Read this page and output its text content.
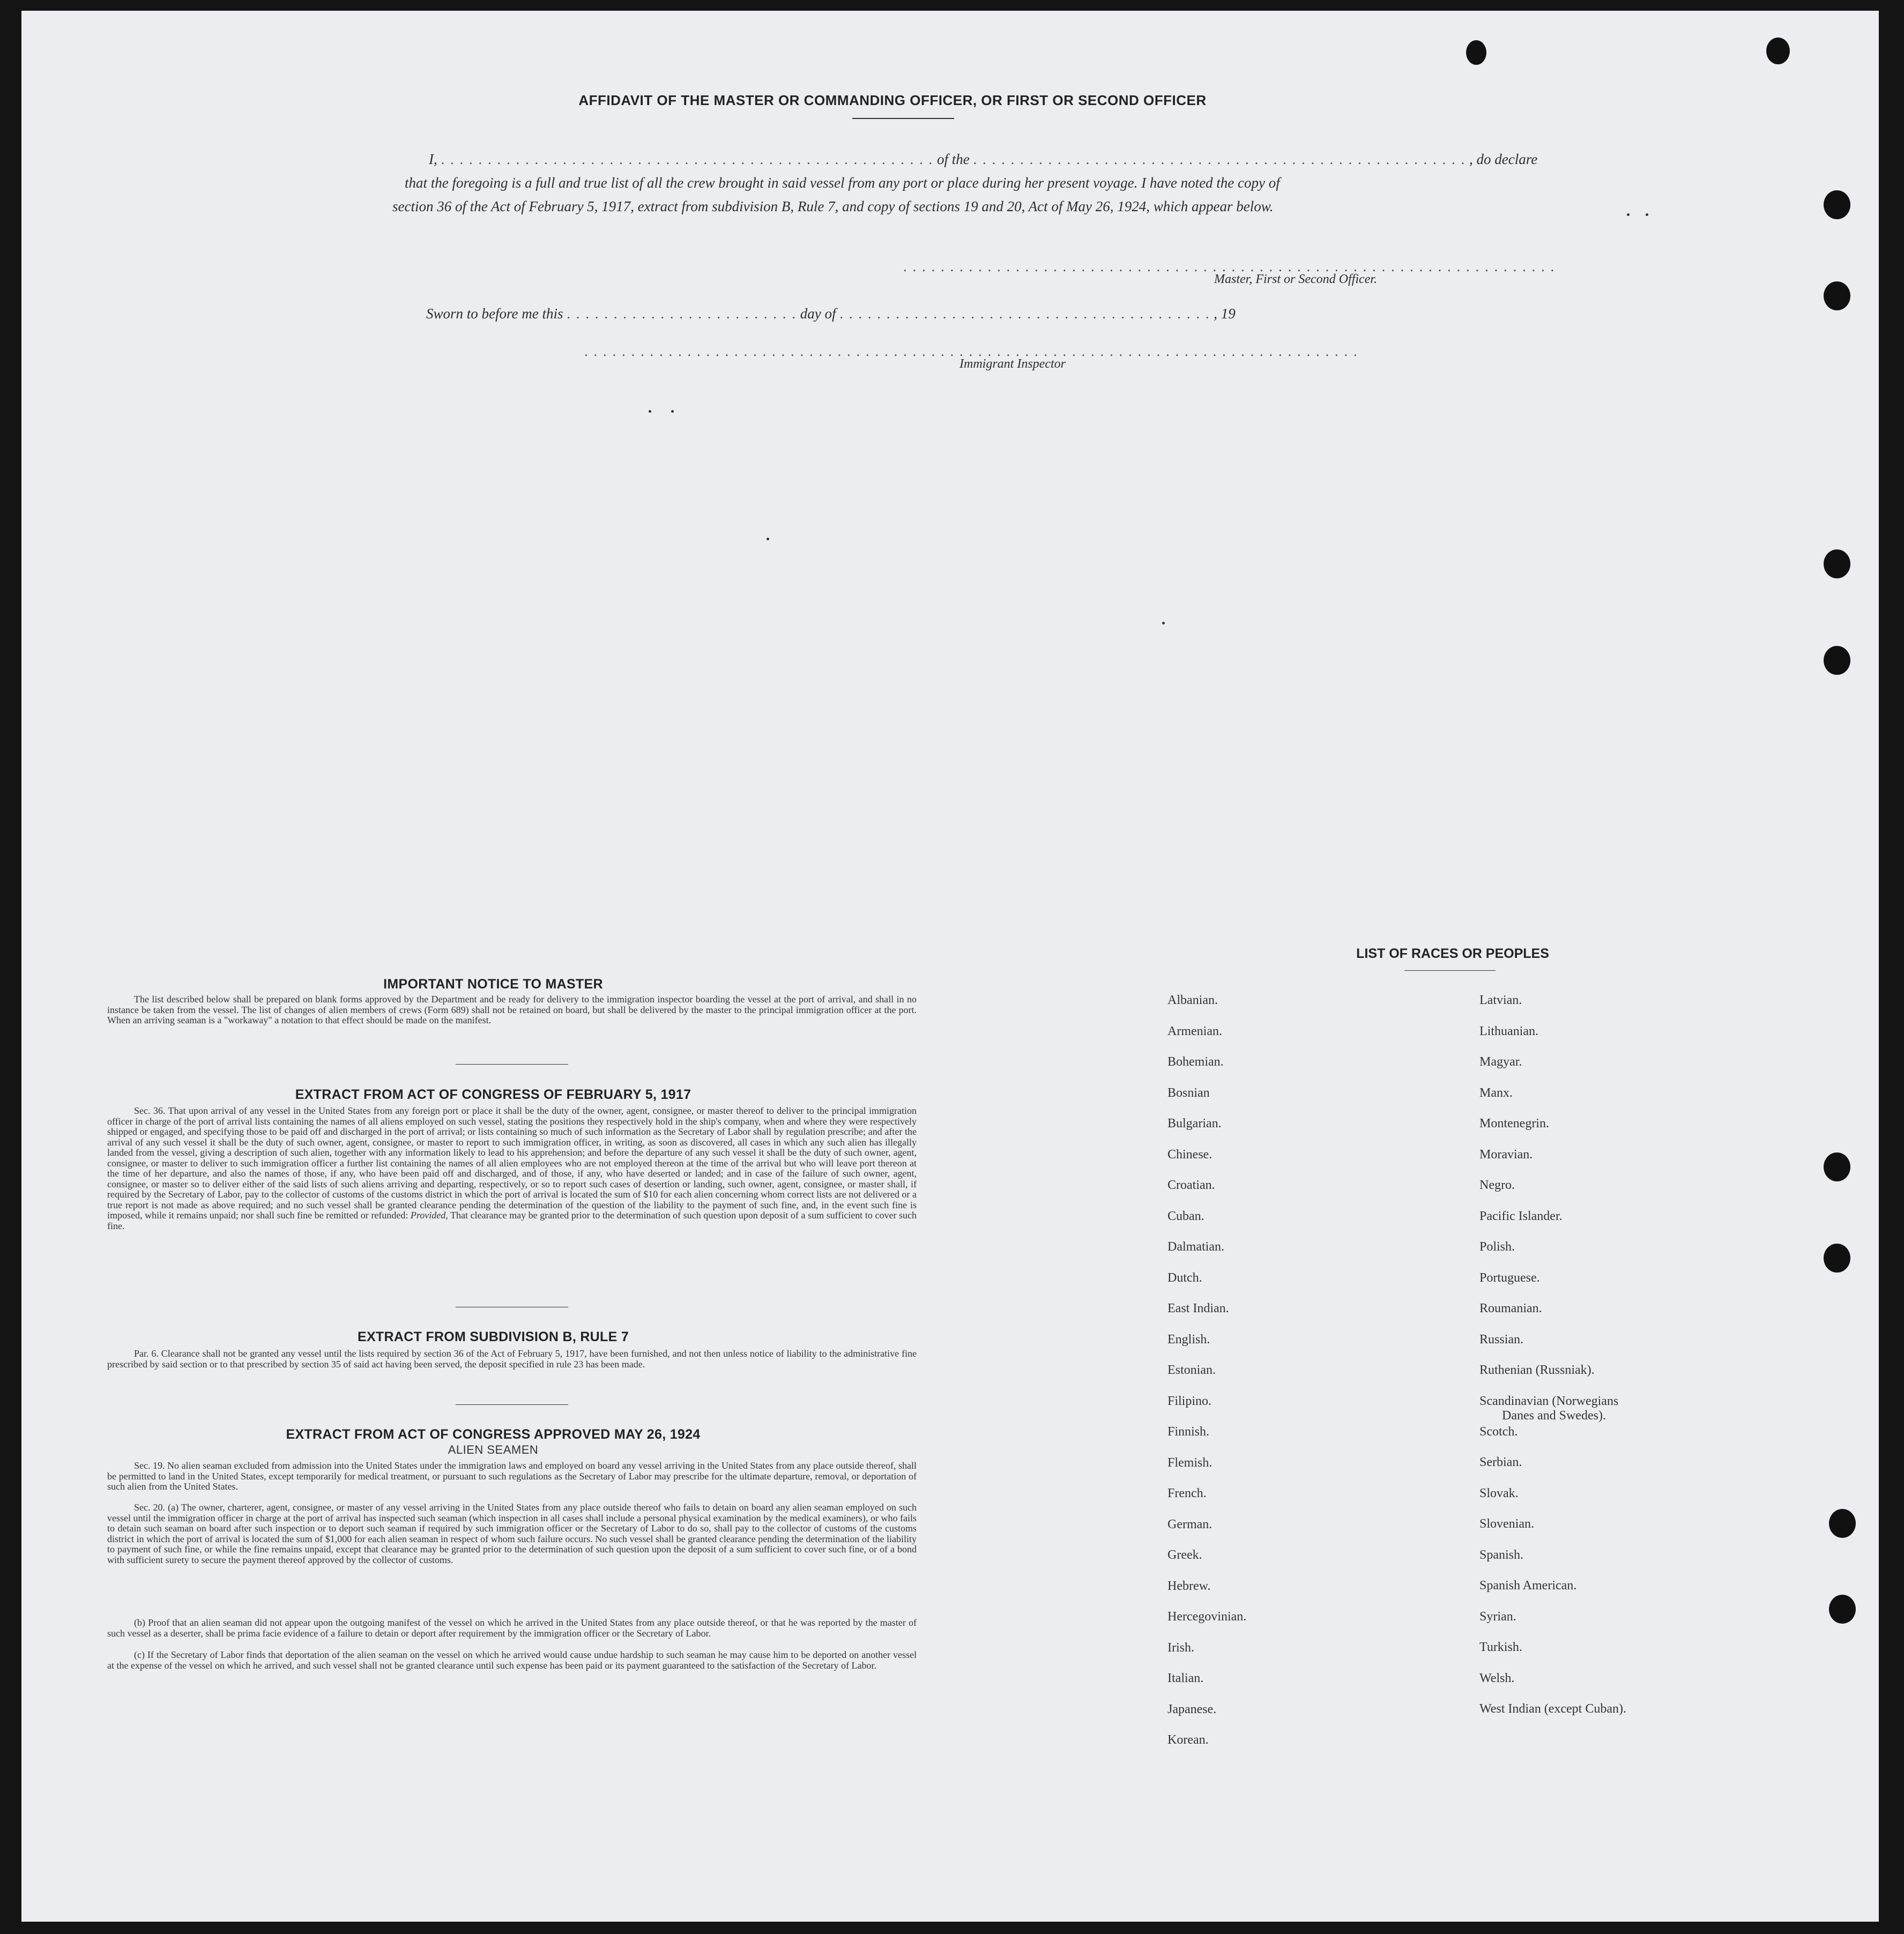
AFFIDAVIT OF THE MASTER OR COMMANDING OFFICER, OR FIRST OR SECOND OFFICER
I, . . . . . . . . . . . . . . . . . . . . . . . . . . . . . . . . . . . . . . . . . . . . . . . . . . . . . of the . . . . . . . . . . . . . . . . . . . . . . . . . . . . . . . . . . . . . . . . . . . . . . . . . . . . . , do declare
that the foregoing is a full and true list of all the crew brought in said vessel from any port or place during her present voyage. I have noted the copy of
section 36 of the Act of February 5, 1917, extract from subdivision B, Rule 7, and copy of sections 19 and 20, Act of May 26, 1924, which appear below.
. . . . . . . . . . . . . . . . . . . . . . . . . . . . . . . . . . . . . . . . . . . . . . . . . . . . . . . . . . . . . . . . . . . . . .
Master, First or Second Officer.
Sworn to before me this . . . . . . . . . . . . . . . . . . . . . . . . . day of . . . . . . . . . . . . . . . . . . . . . . . . . . . . . . . . . . . . . . . . , 19
. . . . . . . . . . . . . . . . . . . . . . . . . . . . . . . . . . . . . . . . . . . . . . . . . . . . . . . . . . . . . . . . . . . . . . . . . . . . . . . . . . .
Immigrant Inspector
IMPORTANT NOTICE TO MASTER

The list described below shall be prepared on blank forms approved by the Department and be ready for delivery to the immigration inspector boarding the vessel at the port of arrival, and shall in no instance be taken from the vessel. The list of changes of alien members of crews (Form 689) shall not be retained on board, but shall be delivered by the master to the principal immigration officer at the port. When an arriving seaman is a "workaway" a notation to that effect should be made on the manifest.

EXTRACT FROM ACT OF CONGRESS OF FEBRUARY 5, 1917

Sec. 36. That upon arrival of any vessel in the United States from any foreign port or place it shall be the duty of the owner, agent, consignee, or master thereof to deliver to the principal immigration officer in charge of the port of arrival lists containing the names of all aliens employed on such vessel, stating the positions they respectively hold in the ship's company, when and where they were respectively shipped or engaged, and specifying those to be paid off and discharged in the port of arrival; or lists containing so much of such information as the Secretary of Labor shall by regulation prescribe; and after the arrival of any such vessel it shall be the duty of such owner, agent, consignee, or master to report to such immigration officer, in writing, as soon as discovered, all cases in which any such alien has illegally landed from the vessel, giving a description of such alien, together with any information likely to lead to his apprehension; and before the departure of any such vessel it shall be the duty of such owner, agent, consignee, or master to deliver to such immigration officer a further list containing the names of all alien employees who are not employed thereon at the time of the arrival but who will leave port thereon at the time of her departure, and also the names of those, if any, who have been paid off and discharged, and of those, if any, who have deserted or landed; and in case of the failure of such owner, agent, consignee, or master so to deliver either of the said lists of such aliens arriving and departing, respectively, or so to report such cases of desertion or landing, such owner, agent, consignee, or master shall, if required by the Secretary of Labor, pay to the collector of customs of the customs district in which the port of arrival is located the sum of $10 for each alien concerning whom correct lists are not delivered or a true report is not made as above required; and no such vessel shall be granted clearance pending the determination of the question of the liability to the payment of such fine, and, in the event such fine is imposed, while it remains unpaid; nor shall such fine be remitted or refunded: Provided, That clearance may be granted prior to the determination of such question upon deposit of a sum sufficient to cover such fine.

EXTRACT FROM SUBDIVISION B, RULE 7

Par. 6. Clearance shall not be granted any vessel until the lists required by section 36 of the Act of February 5, 1917, have been furnished, and not then unless notice of liability to the administrative fine prescribed by said section or to that prescribed by section 35 of said act having been served, the deposit specified in rule 23 has been made.

EXTRACT FROM ACT OF CONGRESS APPROVED MAY 26, 1924
ALIEN SEAMEN

Sec. 19. No alien seaman excluded from admission into the United States under the immigration laws and employed on board any vessel arriving in the United States from any place outside thereof, shall be permitted to land in the United States, except temporarily for medical treatment, or pursuant to such regulations as the Secretary of Labor may prescribe for the ultimate departure, removal, or deportation of such alien from the United States.

Sec. 20. (a) The owner, charterer, agent, consignee, or master of any vessel arriving in the United States from any place outside thereof who fails to detain on board any alien seaman employed on such vessel until the immigration officer in charge at the port of arrival has inspected such seaman (which inspection in all cases shall include a personal physical examination by the medical examiners), or who fails to detain such seaman on board after such inspection or to deport such seaman if required by such immigration officer or the Secretary of Labor to do so, shall pay to the collector of customs of the customs district in which the port of arrival is located the sum of $1,000 for each alien seaman in respect of whom such failure occurs. No such vessel shall be granted clearance pending the determination of the liability to payment of such fine, or while the fine remains unpaid, except that clearance may be granted prior to the determination of such question upon the deposit of a sum sufficient to cover such fine, or of a bond with sufficient surety to secure the payment thereof approved by the collector of customs.

(b) Proof that an alien seaman did not appear upon the outgoing manifest of the vessel on which he arrived in the United States from any place outside thereof, or that he was reported by the master of such vessel as a deserter, shall be prima facie evidence of a failure to detain or deport after requirement by the immigration officer or the Secretary of Labor.

(c) If the Secretary of Labor finds that deportation of the alien seaman on the vessel on which he arrived would cause undue hardship to such seaman he may cause him to be deported on another vessel at the expense of the vessel on which he arrived, and such vessel shall not be granted clearance until such expense has been paid or its payment guaranteed to the satisfaction of the Secretary of Labor.

LIST OF RACES OR PEOPLES
Albanian.
Armenian.
Bohemian.
Bosnian
Bulgarian.
Chinese.
Croatian.
Cuban.
Dalmatian.
Dutch.
East Indian.
English.
Estonian.
Filipino.
Finnish.
Flemish.
French.
German.
Greek.
Hebrew.
Hercegovinian.
Irish.
Italian.
Japanese.
Korean.
Latvian.
Lithuanian.
Magyar.
Manx.
Montenegrin.
Moravian.
Negro.
Pacific Islander.
Polish.
Portuguese.
Roumanian.
Russian.
Ruthenian (Russniak).
Scandinavian (Norwegians
Danes and Swedes).
Scotch.
Serbian.
Slovak.
Slovenian.
Spanish.
Spanish American.
Syrian.
Turkish.
Welsh.
West Indian (except Cuban).
